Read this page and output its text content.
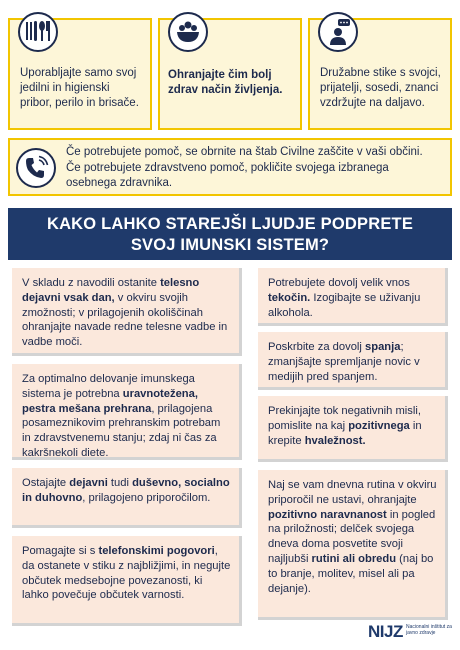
Uporabljajte samo svoj jedilni in higienski pribor, perilo in brisače.
Ohranjajte čim bolj zdrav način življenja.
Družabne stike s svojci, prijatelji, sosedi, znanci vzdržujte na daljavo.
Če potrebujete pomoč, se obrnite na štab Civilne zaščite v vaši občini. Če potrebujete zdravstveno pomoč, pokličite svojega izbranega osebnega zdravnika.
KAKO LAHKO STAREJŠI LJUDJE PODPRETE
SVOJ IMUNSKI SISTEM?
V skladu z navodili ostanite telesno dejavni vsak dan, v okviru svojih zmožnosti; v prilagojenih okoliščinah ohranjajte navade redne telesne vadbe in vadbe moči.
Za optimalno delovanje imunskega sistema je potrebna uravnotežena, pestra mešana prehrana, prilagojena posameznikovim prehranskim potrebam in zdravstvenemu stanju; zdaj ni čas za kakršnekoli diete.
Ostajajte dejavni tudi duševno, socialno in duhovno, prilagojeno priporočilom.
Pomagajte si s telefonskimi pogovori, da ostanete v stiku z najbližjimi, in negujte občutek medsebojne povezanosti, ki lahko povečuje občutek varnosti.
Potrebujete dovolj velik vnos tekočin. Izogibajte se uživanju alkohola.
Poskrbite za dovolj spanja; zmanjšajte spremljanje novic v medijih pred spanjem.
Prekinjajte tok negativnih misli, pomislite na kaj pozitivnega in krepite hvaležnost.
Naj se vam dnevna rutina v okviru priporočil ne ustavi, ohranjajte pozitivno naravnanost in pogled na priložnosti; delček svojega dneva doma posvetite svoji najljubši rutini ali obredu (naj bo to branje, molitev, misel ali pa dejanje).
NIJZ Nacionalni inštitut za javno zdravje
